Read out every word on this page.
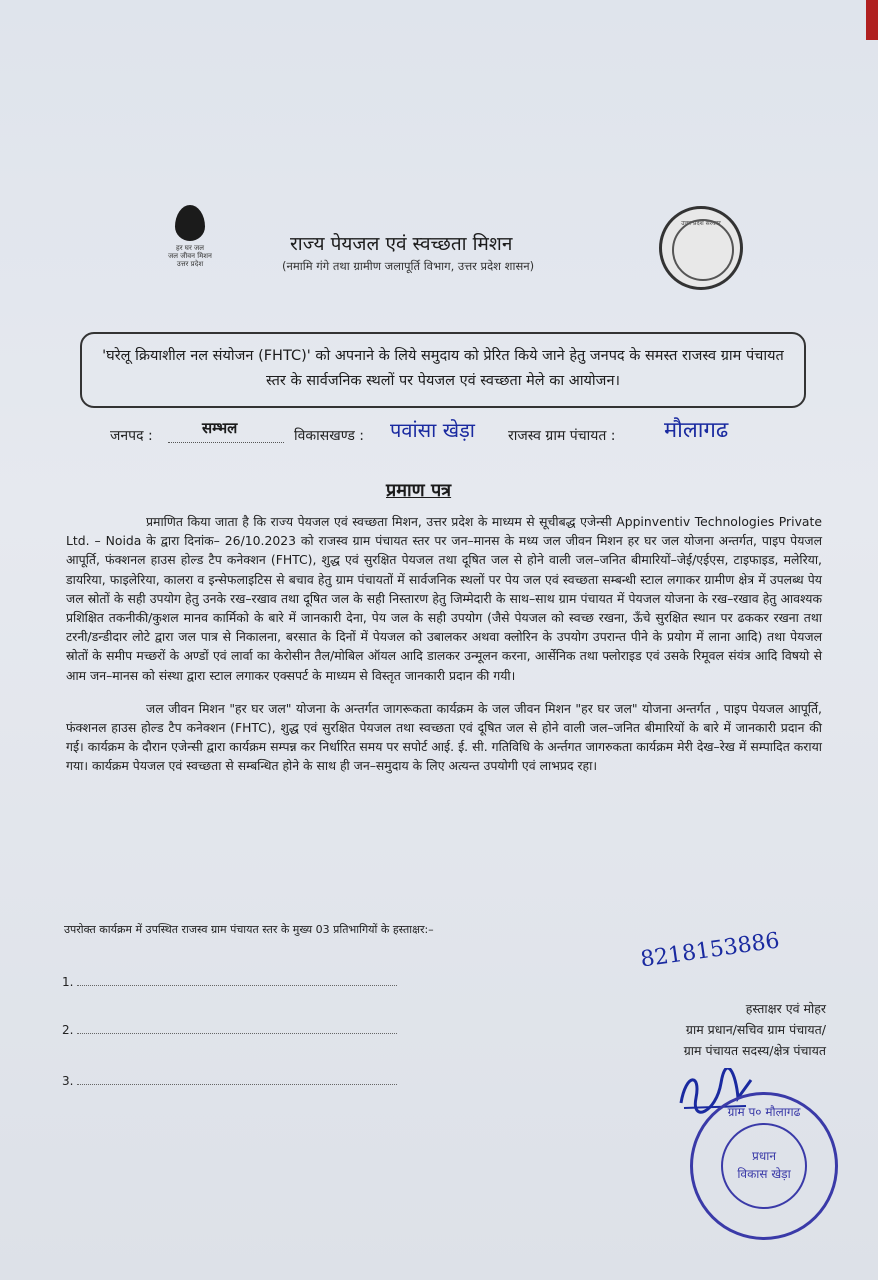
हर घर जल
जल जीवन मिशन
उत्तर प्रदेश
राज्य पेयजल एवं स्वच्छता मिशन
(नमामि गंगे तथा ग्रामीण जलापूर्ति विभाग, उत्तर प्रदेश शासन)
उत्तर प्रदेश सरकार
'घरेलू क्रियाशील नल संयोजन (FHTC)' को अपनाने के लिये समुदाय को प्रेरित किये जाने हेतु जनपद के समस्त राजस्व ग्राम पंचायत स्तर के सार्वजनिक स्थलों पर पेयजल एवं स्वच्छता मेले का आयोजन।
जनपद :	सम्भल	विकासखण्ड : पवांसा खेड़ा राजस्व ग्राम पंचायत : मौलागढ
प्रमाण पत्र

प्रमाणित किया जाता है कि राज्य पेयजल एवं स्वच्छता मिशन, उत्तर प्रदेश के माध्यम से सूचीबद्ध एजेन्सी Appinventiv Technologies Private Ltd. – Noida के द्वारा दिनांक– 26/10.2023 को राजस्व ग्राम पंचायत स्तर पर जन–मानस के मध्य जल जीवन मिशन हर घर जल योजना अन्तर्गत, पाइप पेयजल आपूर्ति, फंक्शनल हाउस होल्ड टैप कनेक्शन (FHTC), शुद्ध एवं सुरक्षित पेयजल तथा दूषित जल से होने वाली जल–जनित बीमारियों–जेई/एईएस, टाइफाइड, मलेरिया, डायरिया, फाइलेरिया, कालरा व इन्सेफलाइटिस से बचाव हेतु ग्राम पंचायतों में सार्वजनिक स्थलों पर पेय जल एवं स्वच्छता सम्बन्धी स्टाल लगाकर ग्रामीण क्षेत्र में उपलब्ध पेय जल स्रोतों के सही उपयोग हेतु उनके रख–रखाव तथा दूषित जल के सही निस्तारण हेतु जिम्मेदारी के साथ–साथ ग्राम पंचायत में पेयजल योजना के रख–रखाव हेतु आवश्यक प्रशिक्षित तकनीकी/कुशल मानव कार्मिको के बारे में जानकारी देना, पेय जल के सही उपयोग (जैसे पेयजल को स्वच्छ रखना, ऊँचे सुरक्षित स्थान पर ढककर रखना तथा टरनी/डन्डीदार लोटे द्वारा जल पात्र से निकालना, बरसात के दिनों में पेयजल को उबालकर अथवा क्लोरिन के उपयोग उपरान्त पीने के प्रयोग में लाना आदि) तथा पेयजल स्रोतों के समीप मच्छरों के अण्डों एवं लार्वा का केरोसीन तैल/मोबिल ऑयल आदि डालकर उन्मूलन करना, आर्सेनिक तथा फ्लोराइड एवं उसके रिमूवल संयंत्र आदि विषयो से आम जन–मानस को संस्था द्वारा स्टाल लगाकर एक्सपर्ट के माध्यम से विस्तृत जानकारी प्रदान की गयी।

जल जीवन मिशन "हर घर जल" योजना के अन्तर्गत जागरूकता कार्यक्रम के जल जीवन मिशन "हर घर जल" योजना अन्तर्गत , पाइप पेयजल आपूर्ति, फंक्शनल हाउस होल्ड टैप कनेक्शन (FHTC), शुद्ध एवं सुरक्षित पेयजल तथा स्वच्छता एवं दूषित जल से होने वाली जल–जनित बीमारियों के बारे में जानकारी प्रदान की गई। कार्यक्रम के दौरान एजेन्सी द्वारा कार्यक्रम सम्पन्न कर निर्धारित समय पर सपोर्ट आई. ई. सी. गतिविधि के अर्न्तगत जागरुकता कार्यक्रम मेरी देख–रेख में सम्पादित कराया गया। कार्यक्रम पेयजल एवं स्वच्छता से सम्बन्धित होने के साथ ही जन–समुदाय के लिए अत्यन्त उपयोगी एवं लाभप्रद रहा।

उपरोक्त कार्यक्रम में उपस्थित राजस्व ग्राम पंचायत स्तर के मुख्य 03 प्रतिभागियों के हस्ताक्षर:–
1.
2.
3.
8218153886
हस्ताक्षर एवं मोहर
ग्राम प्रधान/सचिव ग्राम पंचायत/
ग्राम पंचायत सदस्य/क्षेत्र पंचायत
ग्राम प० मौलागढ
प्रधान
विकास खेड़ा
